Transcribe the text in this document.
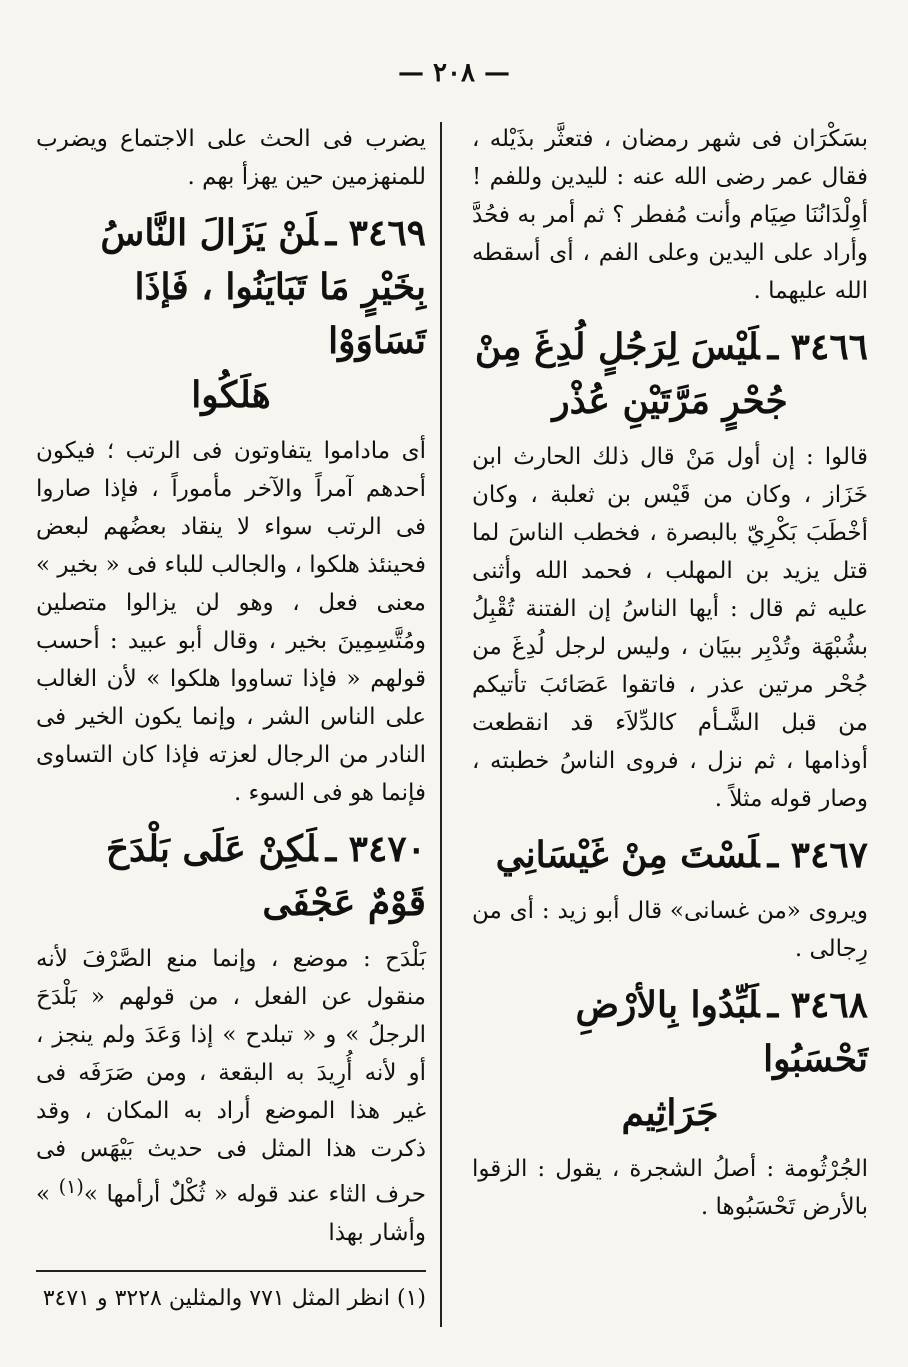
— ٢٠٨ —

بسَكْرَان فى شهر رمضان ، فتعثَّر بذَيْله ، فقال عمر رضى الله عنه : لليدين وللفم ! أوِلْدَانُنَا صِيَام وأنت مُفطر ؟ ثم أمر به فحُدَّ وأراد على اليدين وعلى الفم ، أى أسقطه الله عليهما .

٣٤٦٦ ـلَيْسَ لِرَجُلٍ لُدِغَ مِنْ
جُحْرٍ مَرَّتَيْنِ عُذْر

قالوا : إن أول مَنْ قال ذلك الحارث ابن خَزَاز ، وكان من قَيْس بن ثعلبة ، وكان أخْطَبَ بَكْرِيّ بالبصرة ، فخطب الناسَ لما قتل يزيد بن المهلب ، فحمد الله وأثنى عليه ثم قال : أيها الناسُ إن الفتنة تُقْبِلُ بشُبْهَة وتُدْبِر ببيَان ، وليس لرجل لُدِغَ من جُحْر مرتين عذر ، فاتقوا عَصَائبَ تأتيكم من قبل الشَّـأم كالدِّلاَء قد انقطعت أوذامها ، ثم نزل ، فروى الناسُ خطبته ، وصار قوله مثلاً .

٣٤٦٧ ـلَسْتَ مِنْ غَيْسَانِي

ويروى «من غسانى» قال أبو زيد : أى من رِجالى .

٣٤٦٨ ـلَبِّدُوا بِالأرْضِ تَحْسَبُوا
جَرَاثِيم

الجُرْثُومة : أصلُ الشجرة ، يقول : الزقوا بالأرض تَحْسَبُوها .

يضرب فى الحث على الاجتماع ويضرب للمنهزمين حين يهزأ بهم .

٣٤٦٩ ـلَنْ يَزَالَ النَّاسُ بِخَيْرٍ مَا تَبَايَنُوا ، فَإذَا تَسَاوَوْا
هَلَكُوا

أى ماداموا يتفاوتون فى الرتب ؛ فيكون أحدهم آمراً والآخر مأموراً ، فإذا صاروا فى الرتب سواء لا ينقاد بعضُهم لبعض فحينئذ هلكوا ، والجالب للباء فى « بخير » معنى فعل ، وهو لن يزالوا متصلين ومُتَّسِمِينَ بخير ، وقال أبو عبيد : أحسب قولهم « فإذا تساووا هلكوا » لأن الغالب على الناس الشر ، وإنما يكون الخير فى النادر من الرجال لعزته فإذا كان التساوى فإنما هو فى السوء .

٣٤٧٠ ـلَكِنْ عَلَى بَلْدَحَ قَوْمٌ عَجْفَى

بَلْدَح : موضع ، وإنما منع الصَّرْفَ لأنه منقول عن الفعل ، من قولهم « بَلْدَحَ الرجلُ » و « تبلدح » إذا وَعَدَ ولم ينجز ، أو لأنه أُرِيدَ به البقعة ، ومن صَرَفَه فى غير هذا الموضع أراد به المكان ، وقد ذكرت هذا المثل فى حديث بَيْهَس فى حرف الثاء عند قوله « ثُكْلٌ أرأمها »$^{(١)}$ » وأشار بهذا

(١) انظر المثل ٧٧١ والمثلين ٣٢٢٨ و ٣٤٧١
